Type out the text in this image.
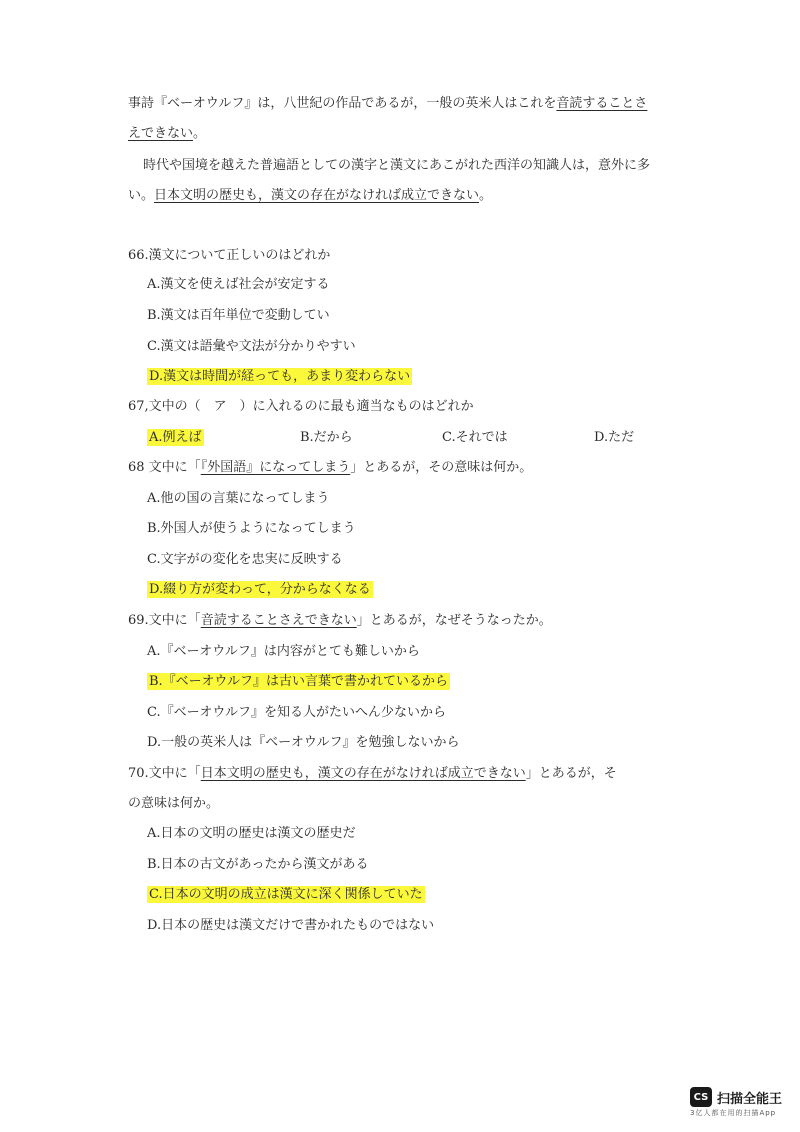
事詩『ベーオウルフ』は，八世紀の作品であるが，一般の英米人はこれを音読することさ
えできない。
時代や国境を越えた普遍語としての漢字と漢文にあこがれた西洋の知識人は，意外に多
い。日本文明の歴史も，漢文の存在がなければ成立できない。
66.漢文について正しいのはどれか
A.漢文を使えば社会が安定する
B.漢文は百年単位で変動してい
C.漢文は語彙や文法が分かりやすい
D.漢文は時間が経っても，あまり変わらない
67,文中の（　ア　）に入れるのに最も適当なものはどれか
A.例えば	B.だから	C.それでは	D.ただ
68 文中に「『外国語』になってしまう」とあるが，その意味は何か。
A.他の国の言葉になってしまう
B.外国人が使うようになってしまう
C.文字がの変化を忠実に反映する
D.綴り方が変わって，分からなくなる
69.文中に「音読することさえできない」とあるが，なぜそうなったか。
A.『ベーオウルフ』は内容がとても難しいから
B.『ベーオウルフ』は古い言葉で書かれているから
C.『ベーオウルフ』を知る人がたいへん少ないから
D.一般の英米人は『ベーオウルフ』を勉強しないから
70.文中に「日本文明の歴史も，漢文の存在がなければ成立できない」とあるが，そ
の意味は何か。
A.日本の文明の歴史は漢文の歴史だ
B.日本の古文があったから漢文がある
C.日本の文明の成立は漢文に深く関係していた
D.日本の歴史は漢文だけで書かれたものではない
CS 扫描全能王
3亿人都在用的扫描App
